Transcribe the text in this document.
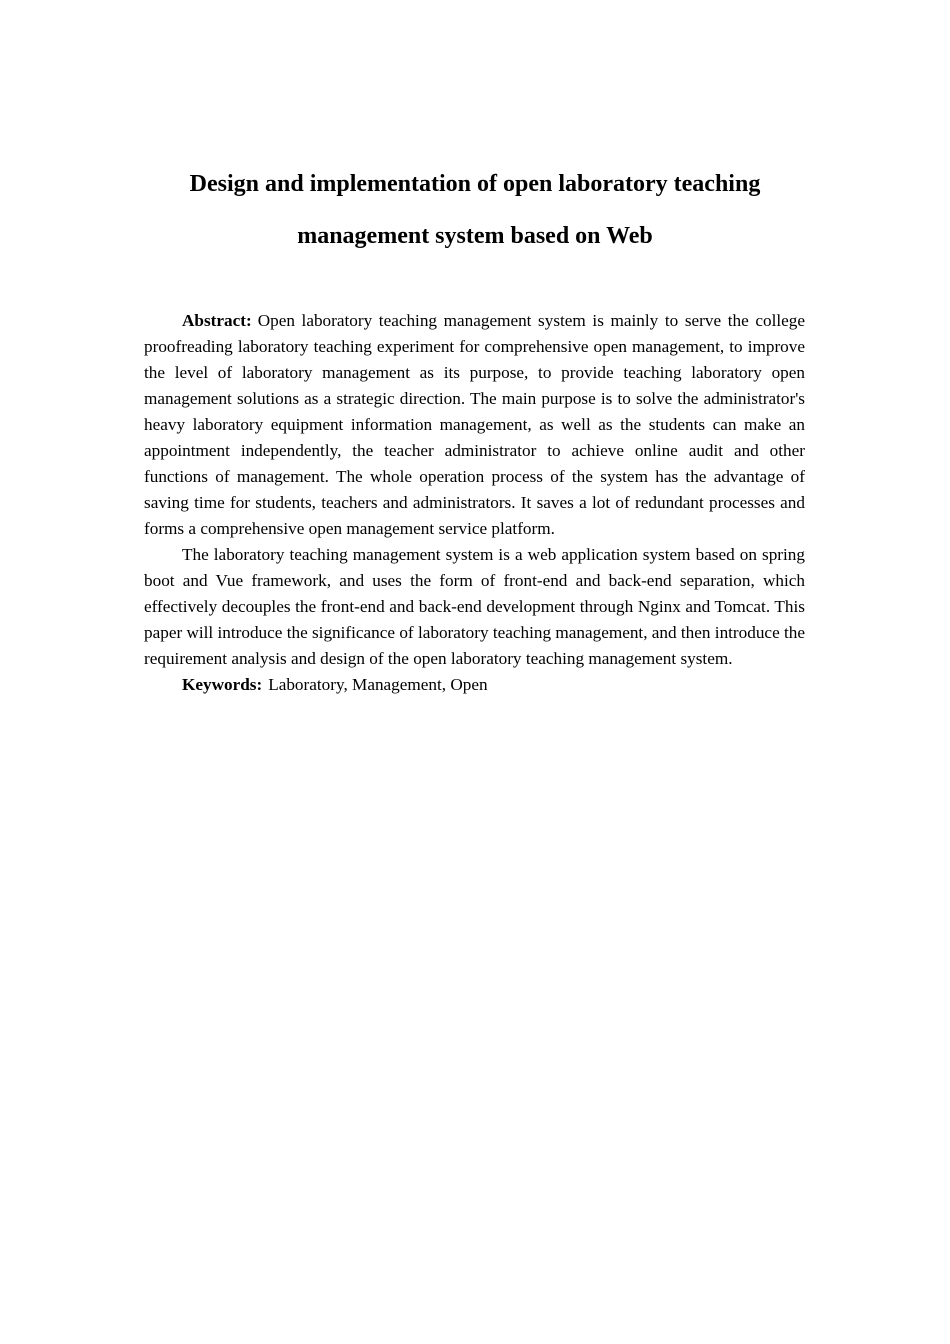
Design and implementation of open laboratory teaching

management system based on Web

Abstract: Open laboratory teaching management system is mainly to serve the college proofreading laboratory teaching experiment for comprehensive open management, to improve the level of laboratory management as its purpose, to provide teaching laboratory open management solutions as a strategic direction. The main purpose is to solve the administrator's heavy laboratory equipment information management, as well as the students can make an appointment independently, the teacher administrator to achieve online audit and other functions of management. The whole operation process of the system has the advantage of saving time for students, teachers and administrators. It saves a lot of redundant processes and forms a comprehensive open management service platform.

The laboratory teaching management system is a web application system based on spring boot and Vue framework, and uses the form of front-end and back-end separation, which effectively decouples the front-end and back-end development through Nginx and Tomcat. This paper will introduce the significance of laboratory teaching management, and then introduce the requirement analysis and design of the open laboratory teaching management system.

Keywords: Laboratory, Management, Open
